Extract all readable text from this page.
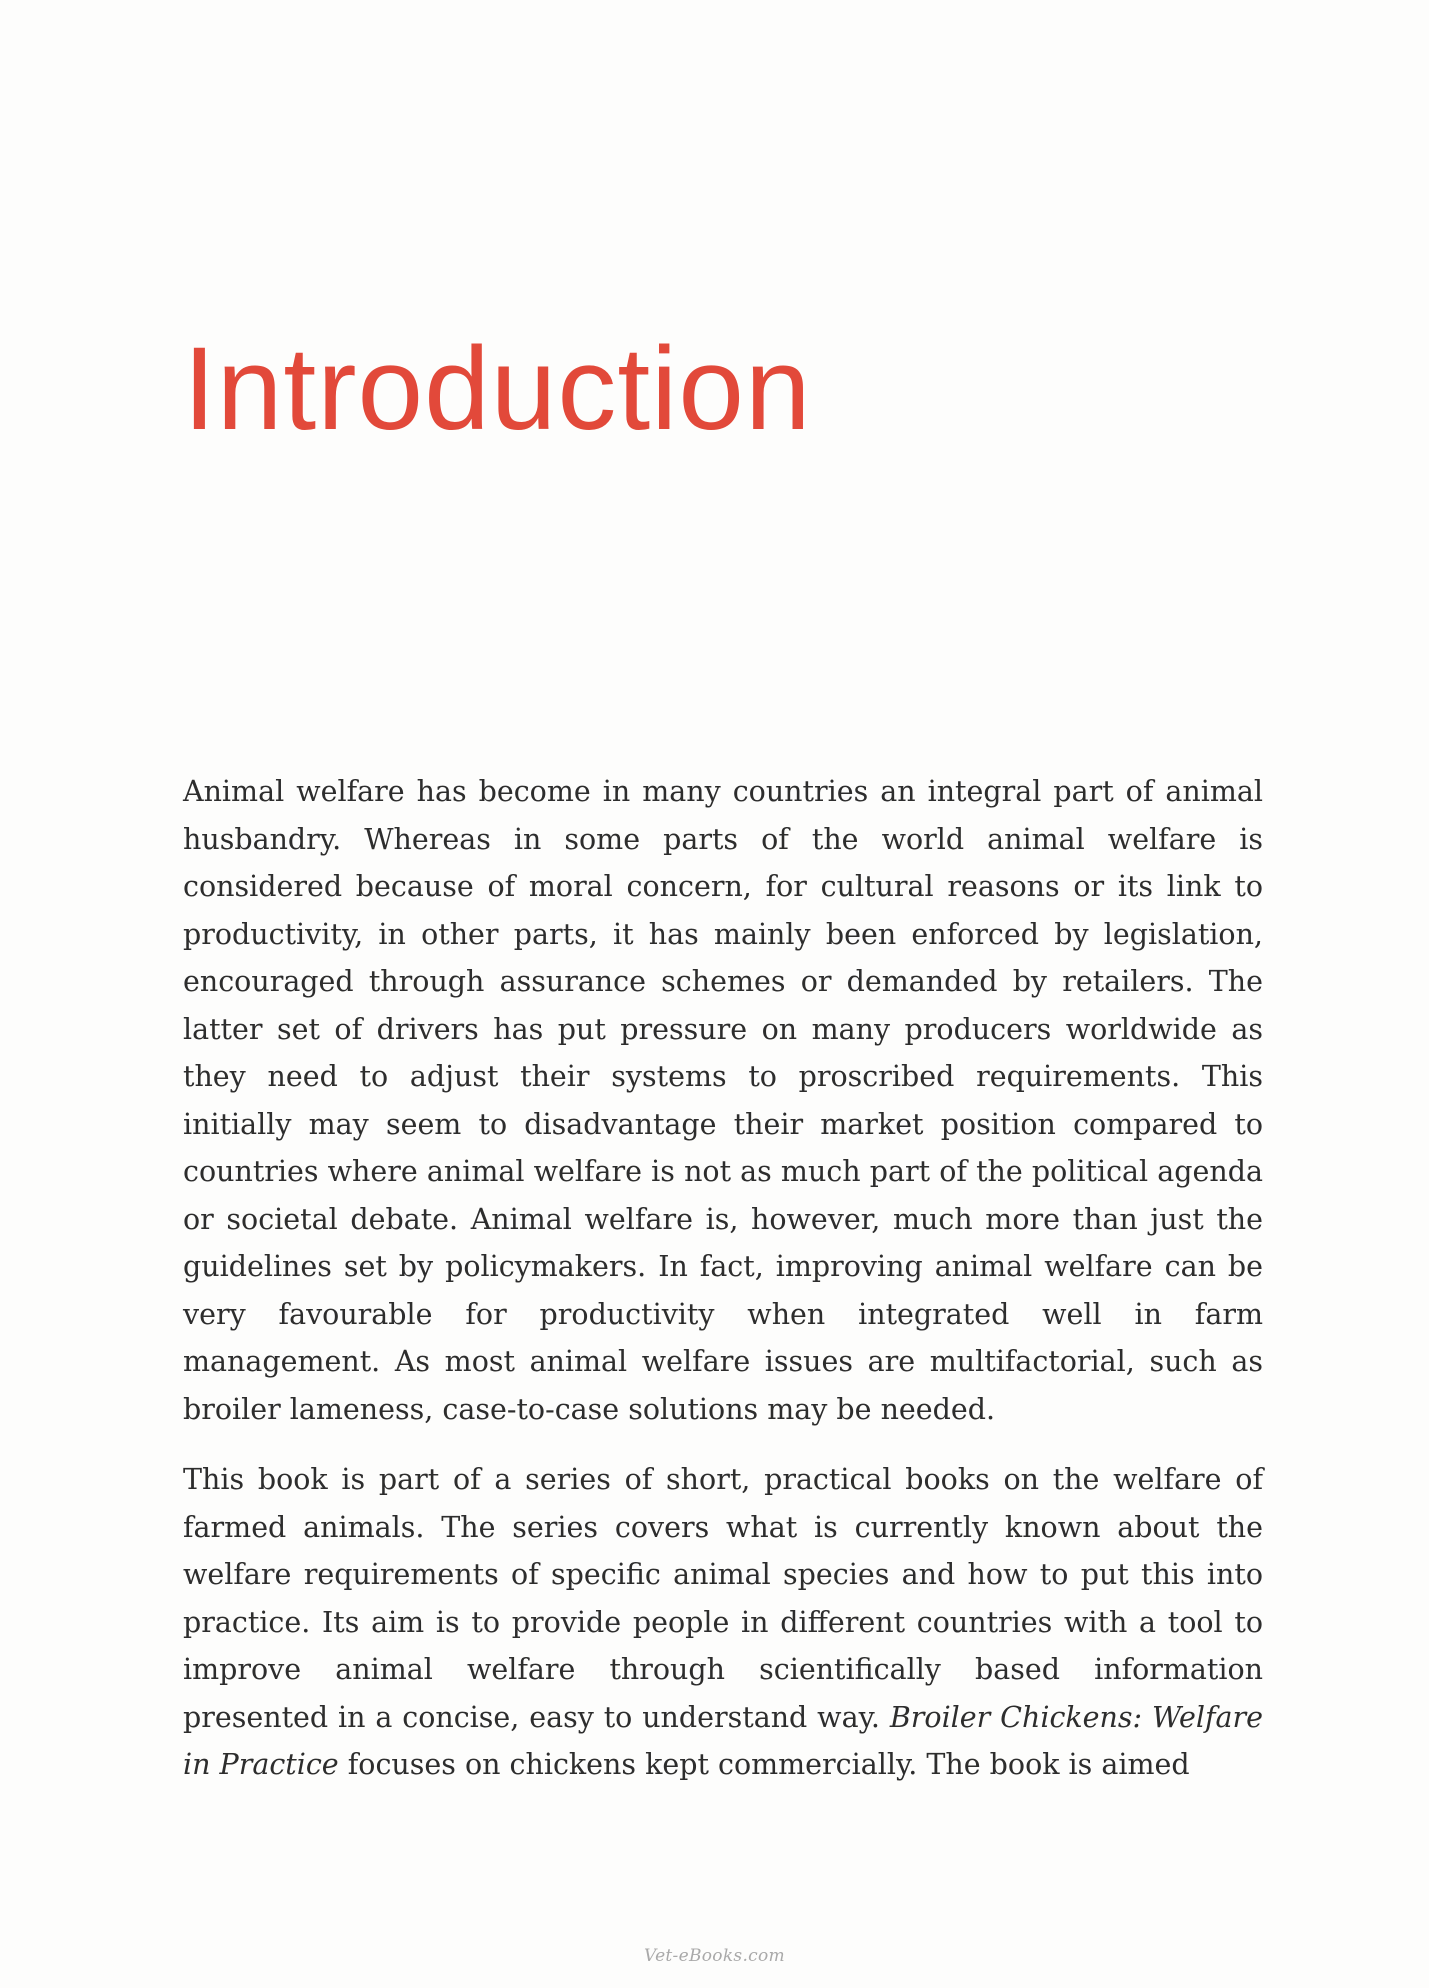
Introduction

Animal welfare has become in many countries an integral part of animal husbandry. Whereas in some parts of the world animal welfare is considered because of moral concern, for cultural reasons or its link to productivity, in other parts, it has mainly been enforced by legislation, encouraged through assurance schemes or demanded by retailers. The latter set of drivers has put pressure on many producers worldwide as they need to adjust their systems to proscribed requirements. This initially may seem to disadvantage their market position compared to countries where animal welfare is not as much part of the political agenda or societal debate. Animal welfare is, however, much more than just the guidelines set by policymakers. In fact, improving animal welfare can be very favourable for productivity when integrated well in farm management. As most animal welfare issues are multifactorial, such as broiler lameness, case-to-case solutions may be needed.

This book is part of a series of short, practical books on the welfare of farmed animals. The series covers what is currently known about the welfare requirements of specific animal species and how to put this into practice. Its aim is to provide people in different countries with a tool to improve animal welfare through scientifically based information presented in a concise, easy to understand way. Broiler Chickens: Welfare in Practice focuses on chickens kept commercially. The book is aimed

Vet-eBooks.com
